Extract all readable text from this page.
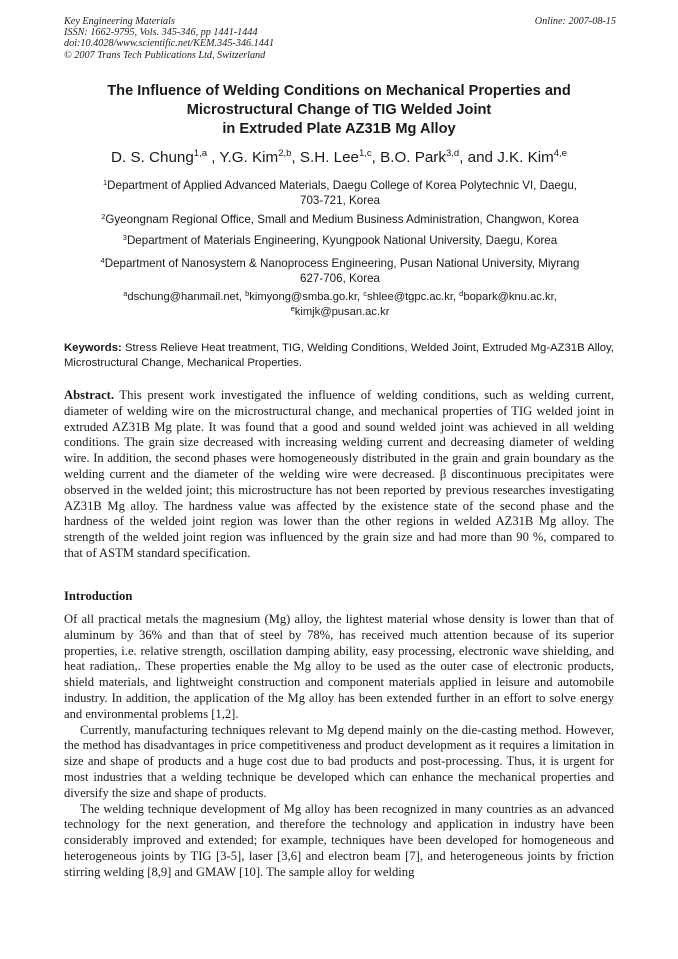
Key Engineering Materials	Online: 2007-08-15
ISSN: 1662-9795, Vols. 345-346, pp 1441-1444
doi:10.4028/www.scientific.net/KEM.345-346.1441
© 2007 Trans Tech Publications Ltd, Switzerland
The Influence of Welding Conditions on Mechanical Properties and
Microstructural Change of TIG Welded Joint
in Extruded Plate AZ31B Mg Alloy
D. S. Chung$^{1,a}$ , Y.G. Kim$^{2,b}$, S.H. Lee$^{1,c}$, B.O. Park$^{3,d}$, and J.K. Kim$^{4,e}$
$^1$Department of Applied Advanced Materials, Daegu College of Korea Polytechnic VI, Daegu,
703-721, Korea
$^2$Gyeongnam Regional Office, Small and Medium Business Administration, Changwon, Korea
$^3$Department of Materials Engineering, Kyungpook National University, Daegu, Korea
$^4$Department of Nanosystem & Nanoprocess Engineering, Pusan National University, Miyrang
627-706, Korea
$^a$dschung@hanmail.net, $^b$kimyong@smba.go.kr, $^c$shlee@tgpc.ac.kr, $^d$bopark@knu.ac.kr,
$^e$kimjk@pusan.ac.kr
Keywords: Stress Relieve Heat treatment, TIG, Welding Conditions, Welded Joint, Extruded Mg-AZ31B Alloy, Microstructural Change, Mechanical Properties.
Abstract. This present work investigated the influence of welding conditions, such as welding current, diameter of welding wire on the microstructural change, and mechanical properties of TIG welded joint in extruded AZ31B Mg plate. It was found that a good and sound welded joint was achieved in all welding conditions. The grain size decreased with increasing welding current and decreasing diameter of welding wire. In addition, the second phases were homogeneously distributed in the grain and grain boundary as the welding current and the diameter of the welding wire were decreased. β discontinuous precipitates were observed in the welded joint; this microstructure has not been reported by previous researches investigating AZ31B Mg alloy. The hardness value was affected by the existence state of the second phase and the hardness of the welded joint region was lower than the other regions in welded AZ31B Mg alloy. The strength of the welded joint region was influenced by the grain size and had more than 90 %, compared to that of ASTM standard specification.
Introduction

Of all practical metals the magnesium (Mg) alloy, the lightest material whose density is lower than that of aluminum by 36% and than that of steel by 78%, has received much attention because of its superior properties, i.e. relative strength, oscillation damping ability, easy processing, electronic wave shielding, and heat radiation,. These properties enable the Mg alloy to be used as the outer case of electronic products, shield materials, and lightweight construction and component materials applied in leisure and automobile industry. In addition, the application of the Mg alloy has been extended further in an effort to solve energy and environmental problems [1,2].

Currently, manufacturing techniques relevant to Mg depend mainly on the die-casting method. However, the method has disadvantages in price competitiveness and product development as it requires a limitation in size and shape of products and a huge cost due to bad products and post-processing. Thus, it is urgent for most industries that a welding technique be developed which can enhance the mechanical properties and diversify the size and shape of products.

The welding technique development of Mg alloy has been recognized in many countries as an advanced technology for the next generation, and therefore the technology and application in industry have been considerably improved and extended; for example, techniques have been developed for homogeneous and heterogeneous joints by TIG [3-5], laser [3,6] and electron beam [7], and heterogeneous joints by friction stirring welding [8,9] and GMAW [10]. The sample alloy for welding
